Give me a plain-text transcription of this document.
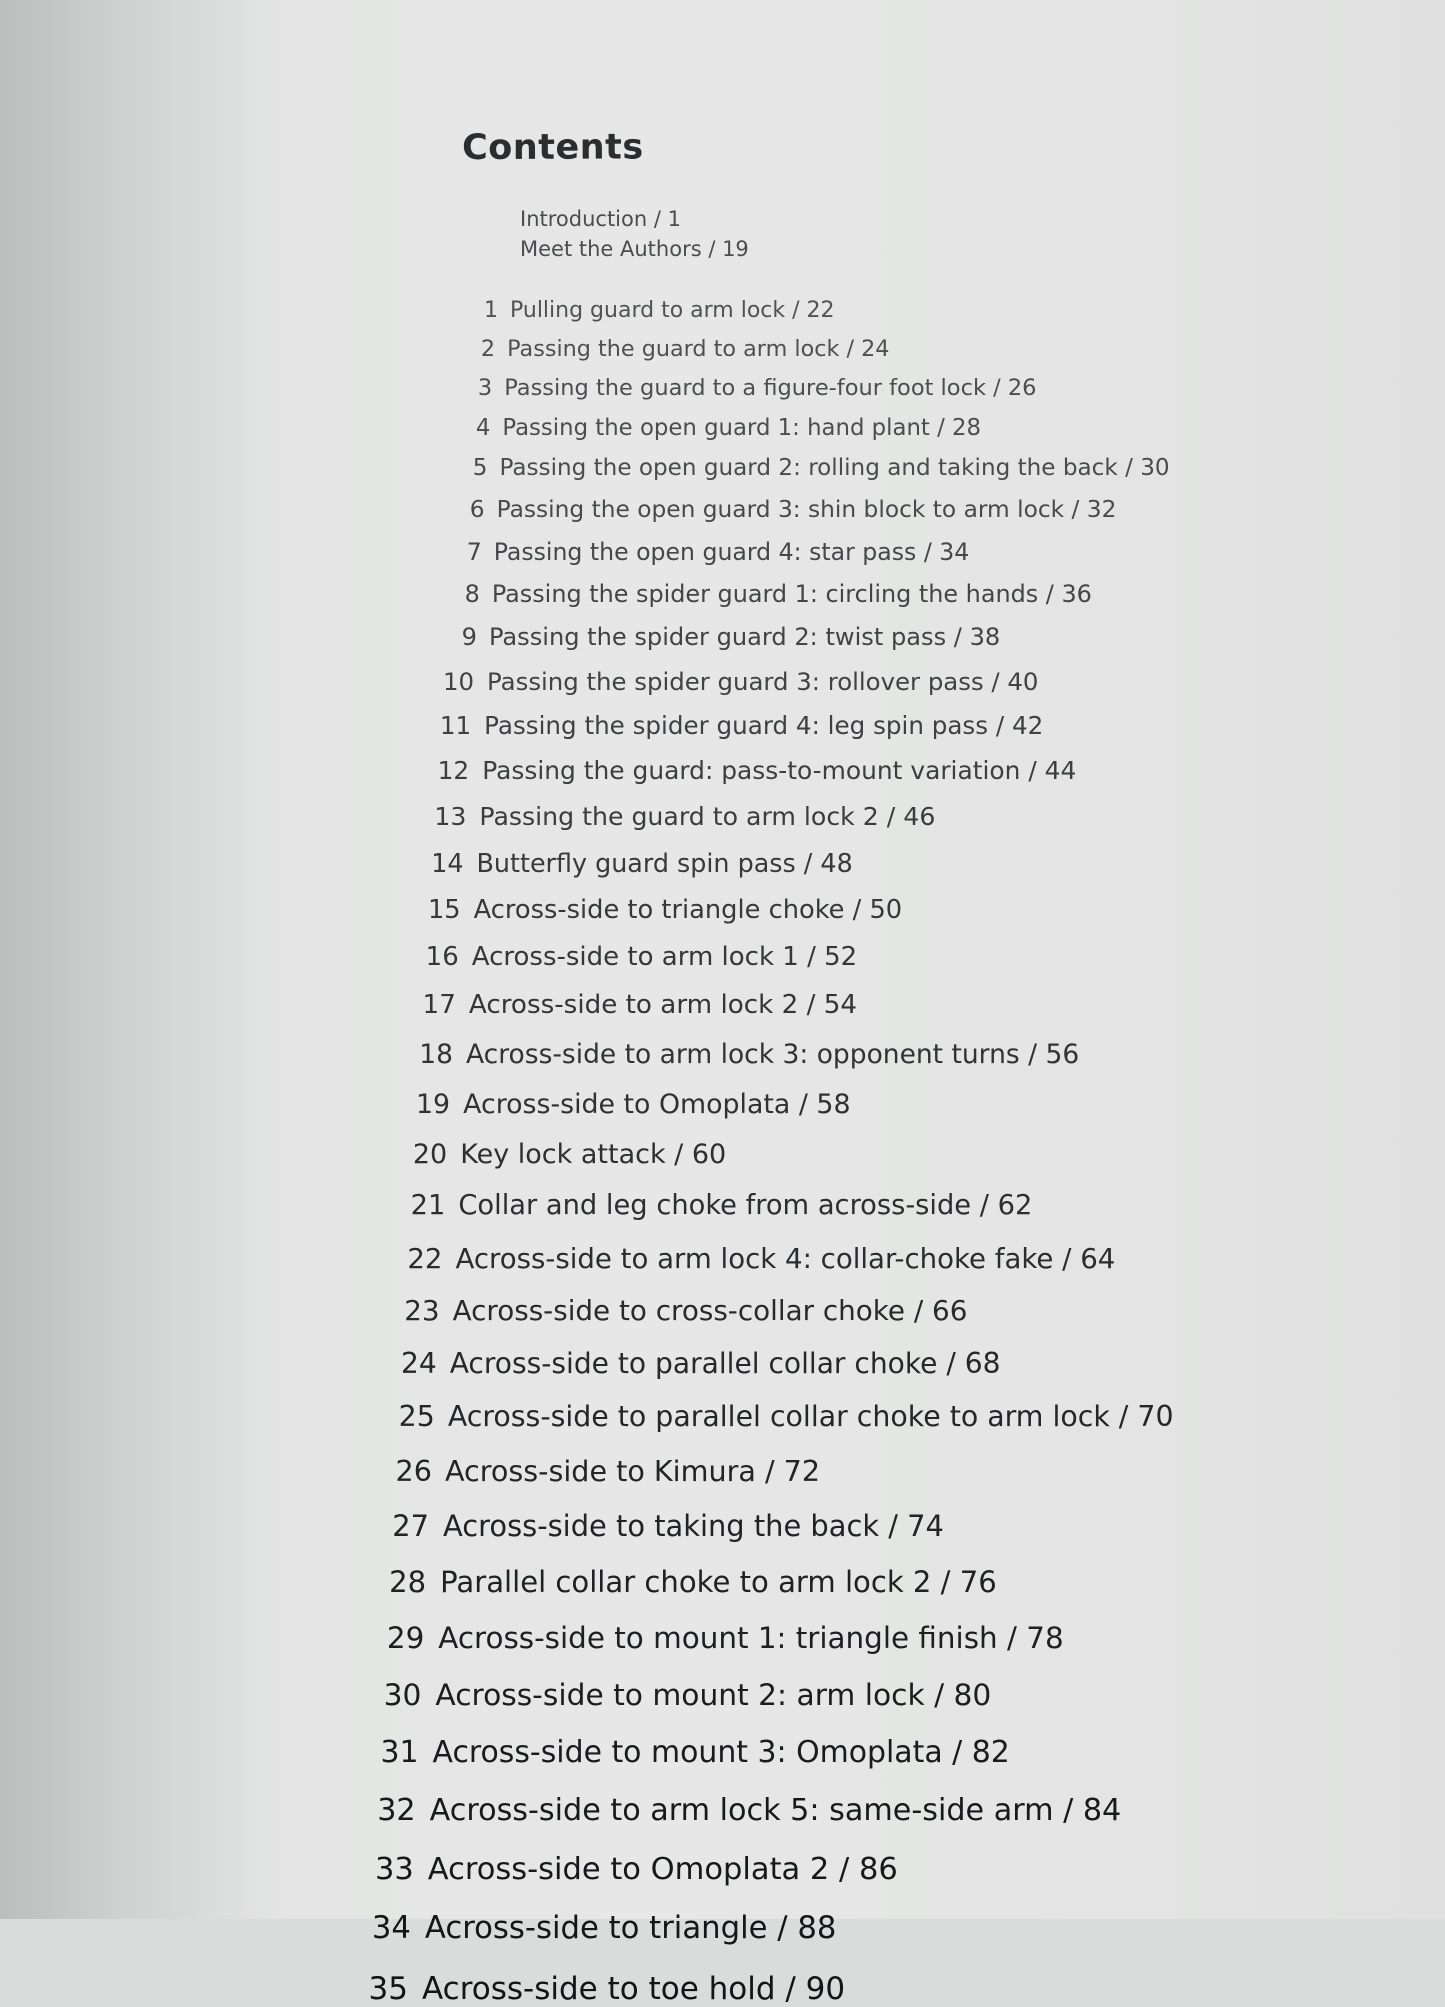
Contents
Introduction / 1
Meet the Authors / 19
1 Pulling guard to arm lock / 22
2 Passing the guard to arm lock / 24
3 Passing the guard to a figure-four foot lock / 26
4 Passing the open guard 1: hand plant / 28
5 Passing the open guard 2: rolling and taking the back / 30
6 Passing the open guard 3: shin block to arm lock / 32
7 Passing the open guard 4: star pass / 34
8 Passing the spider guard 1: circling the hands / 36
9 Passing the spider guard 2: twist pass / 38
10 Passing the spider guard 3: rollover pass / 40
11 Passing the spider guard 4: leg spin pass / 42
12 Passing the guard: pass-to-mount variation / 44
13 Passing the guard to arm lock 2 / 46
14 Butterfly guard spin pass / 48
15 Across-side to triangle choke / 50
16 Across-side to arm lock 1 / 52
17 Across-side to arm lock 2 / 54
18 Across-side to arm lock 3: opponent turns / 56
19 Across-side to Omoplata / 58
20 Key lock attack / 60
21 Collar and leg choke from across-side / 62
22 Across-side to arm lock 4: collar-choke fake / 64
23 Across-side to cross-collar choke / 66
24 Across-side to parallel collar choke / 68
25 Across-side to parallel collar choke to arm lock / 70
26 Across-side to Kimura / 72
27 Across-side to taking the back / 74
28 Parallel collar choke to arm lock 2 / 76
29 Across-side to mount 1: triangle finish / 78
30 Across-side to mount 2: arm lock / 80
31 Across-side to mount 3: Omoplata / 82
32 Across-side to arm lock 5: same-side arm / 84
33 Across-side to Omoplata 2 / 86
34 Across-side to triangle / 88
35 Across-side to toe hold / 90
